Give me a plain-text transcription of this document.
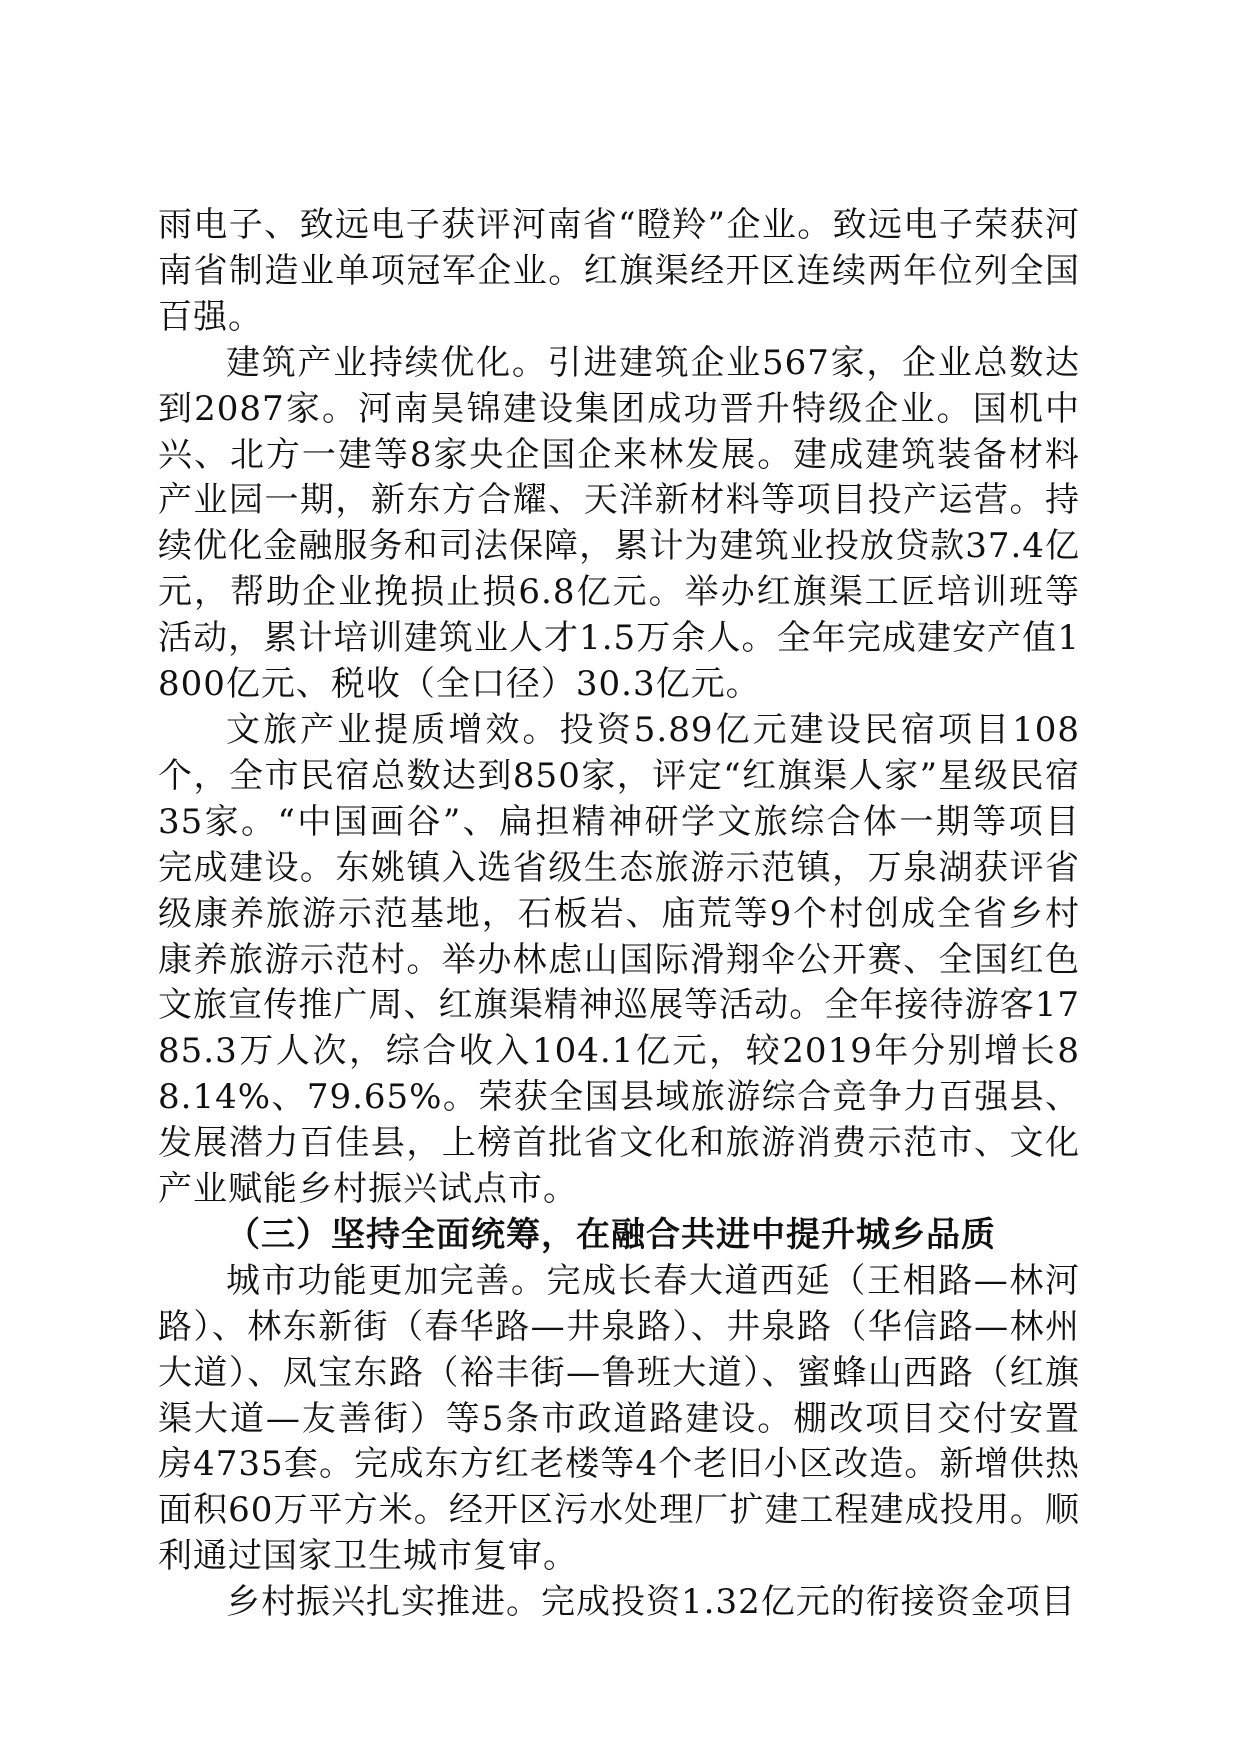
雨电子、致远电子获评河南省“瞪羚”企业。致远电子荣获河南省制造业单项冠军企业。红旗渠经开区连续两年位列全国百强。

建筑产业持续优化。引进建筑企业567家，企业总数达到2087家。河南昊锦建设集团成功晋升特级企业。国机中兴、北方一建等8家央企国企来林发展。建成建筑装备材料产业园一期，新东方合耀、天洋新材料等项目投产运营。持续优化金融服务和司法保障，累计为建筑业投放贷款37.4亿元，帮助企业挽损止损6.8亿元。举办红旗渠工匠培训班等活动，累计培训建筑业人才1.5万余人。全年完成建安产值1800亿元、税收（全口径）30.3亿元。

文旅产业提质增效。投资5.89亿元建设民宿项目108个，全市民宿总数达到850家，评定“红旗渠人家”星级民宿35家。“中国画谷”、扁担精神研学文旅综合体一期等项目完成建设。东姚镇入选省级生态旅游示范镇，万泉湖获评省级康养旅游示范基地，石板岩、庙荒等9个村创成全省乡村康养旅游示范村。举办林虑山国际滑翔伞公开赛、全国红色文旅宣传推广周、红旗渠精神巡展等活动。全年接待游客1785.3万人次，综合收入104.1亿元，较2019年分别增长88.14%、79.65%。荣获全国县域旅游综合竞争力百强县、发展潜力百佳县，上榜首批省文化和旅游消费示范市、文化产业赋能乡村振兴试点市。

（三）坚持全面统筹，在融合共进中提升城乡品质

城市功能更加完善。完成长春大道西延（王相路—林河路）、林东新街（春华路—井泉路）、井泉路（华信路—林州大道）、凤宝东路（裕丰街—鲁班大道）、蜜蜂山西路（红旗渠大道—友善街）等5条市政道路建设。棚改项目交付安置房4735套。完成东方红老楼等4个老旧小区改造。新增供热面积60万平方米。经开区污水处理厂扩建工程建成投用。顺利通过国家卫生城市复审。

乡村振兴扎实推进。完成投资1.32亿元的衔接资金项目
